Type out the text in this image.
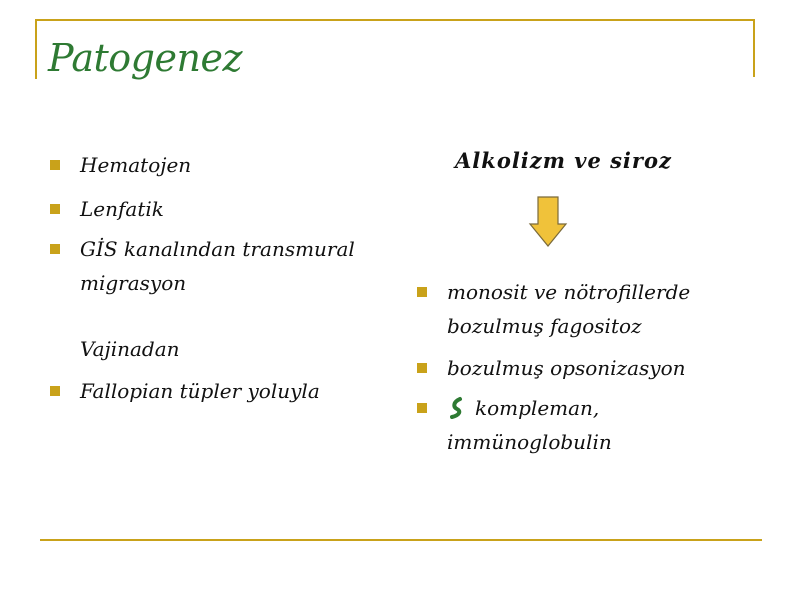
Patogenez
Hematojen
Lenfatik
GİS kanalından transmural migrasyon
Vajinadan
Fallopian tüpler yoluyla
Alkolizm ve siroz
monosit ve nötrofillerde bozulmuş fagositoz
bozulmuş opsonizasyon
kompleman, immünoglobulin
